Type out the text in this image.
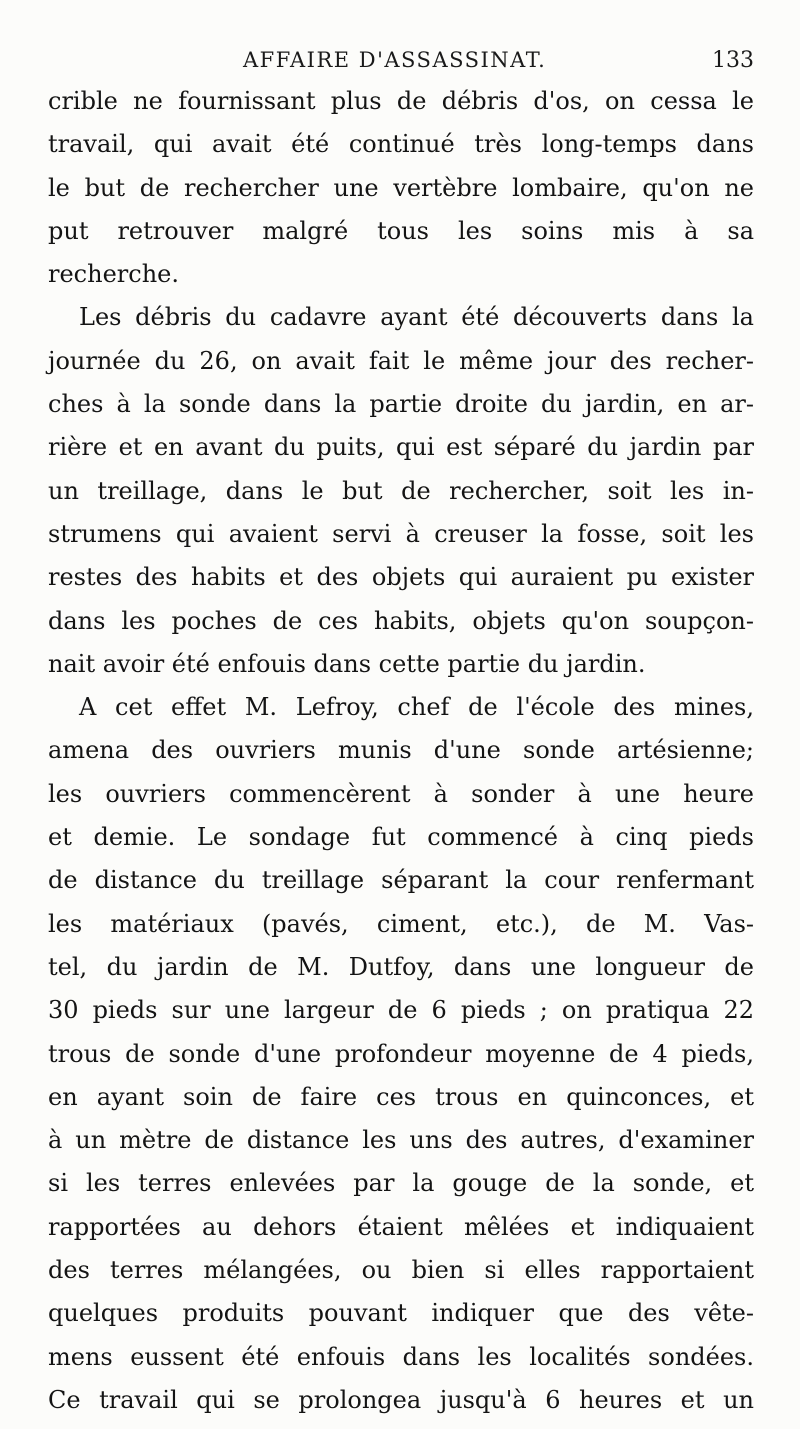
AFFAIRE D'ASSASSINAT.	133
crible ne fournissant plus de débris d'os, on cessa le
travail, qui avait été continué très long-temps dans
le but de rechercher une vertèbre lombaire, qu'on ne
put retrouver malgré tous les soins mis à sa
recherche.
Les débris du cadavre ayant été découverts dans la
journée du 26, on avait fait le même jour des recher-
ches à la sonde dans la partie droite du jardin, en ar-
rière et en avant du puits, qui est séparé du jardin par
un treillage, dans le but de rechercher, soit les in-
strumens qui avaient servi à creuser la fosse, soit les
restes des habits et des objets qui auraient pu exister
dans les poches de ces habits, objets qu'on soupçon-
nait avoir été enfouis dans cette partie du jardin.
A cet effet M. Lefroy, chef de l'école des mines,
amena des ouvriers munis d'une sonde artésienne;
les ouvriers commencèrent à sonder à une heure
et demie. Le sondage fut commencé à cinq pieds
de distance du treillage séparant la cour renfermant
les matériaux (pavés, ciment, etc.), de M. Vas-
tel, du jardin de M. Dutfoy, dans une longueur de
30 pieds sur une largeur de 6 pieds ; on pratiqua 22
trous de sonde d'une profondeur moyenne de 4 pieds,
en ayant soin de faire ces trous en quinconces, et
à un mètre de distance les uns des autres, d'examiner
si les terres enlevées par la gouge de la sonde, et
rapportées au dehors étaient mêlées et indiquaient
des terres mélangées, ou bien si elles rapportaient
quelques produits pouvant indiquer que des vête-
mens eussent été enfouis dans les localités sondées.
Ce travail qui se prolongea jusqu'à 6 heures et un
